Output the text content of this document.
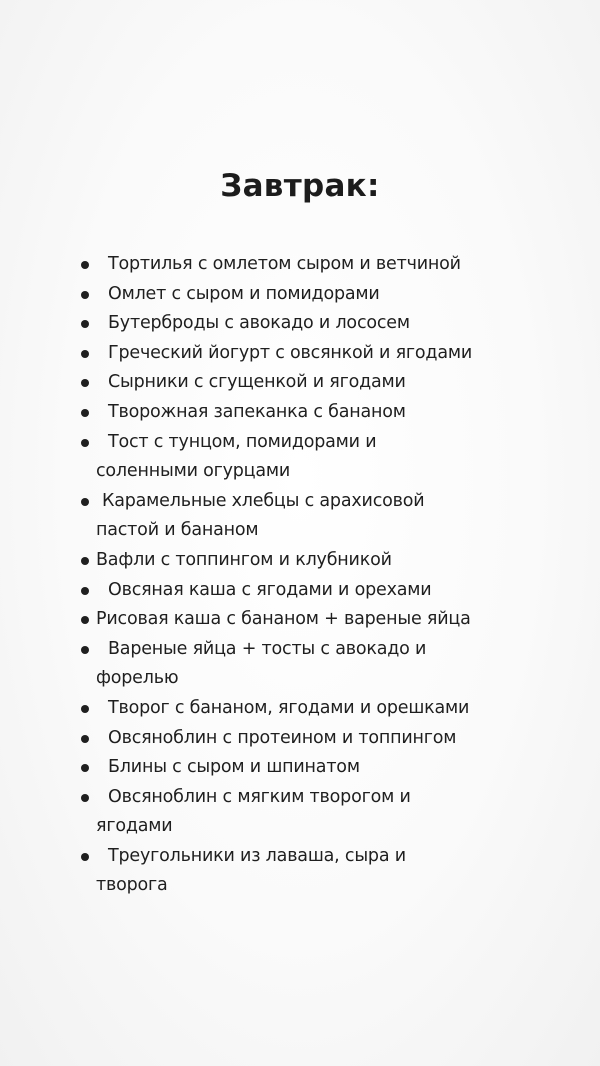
Завтрак:
Тортилья с омлетом сыром и ветчиной
Омлет с сыром и помидорами
Бутерброды с авокадо и лососем
Греческий йогурт с овсянкой и ягодами
Сырники с сгущенкой и ягодами
Творожная запеканка с бананом
Тост с тунцом, помидорами и
соленными огурцами
Карамельные хлебцы с арахисовой
пастой и бананом
Вафли с топпингом и клубникой
Овсяная каша с ягодами и орехами
Рисовая каша с бананом + вареные яйца
Вареные яйца + тосты с авокадо и
форелью
Творог с бананом, ягодами и орешками
Овсяноблин с протеином и топпингом
Блины с сыром и шпинатом
Овсяноблин с мягким творогом и
ягодами
Треугольники из лаваша, сыра и
творога
